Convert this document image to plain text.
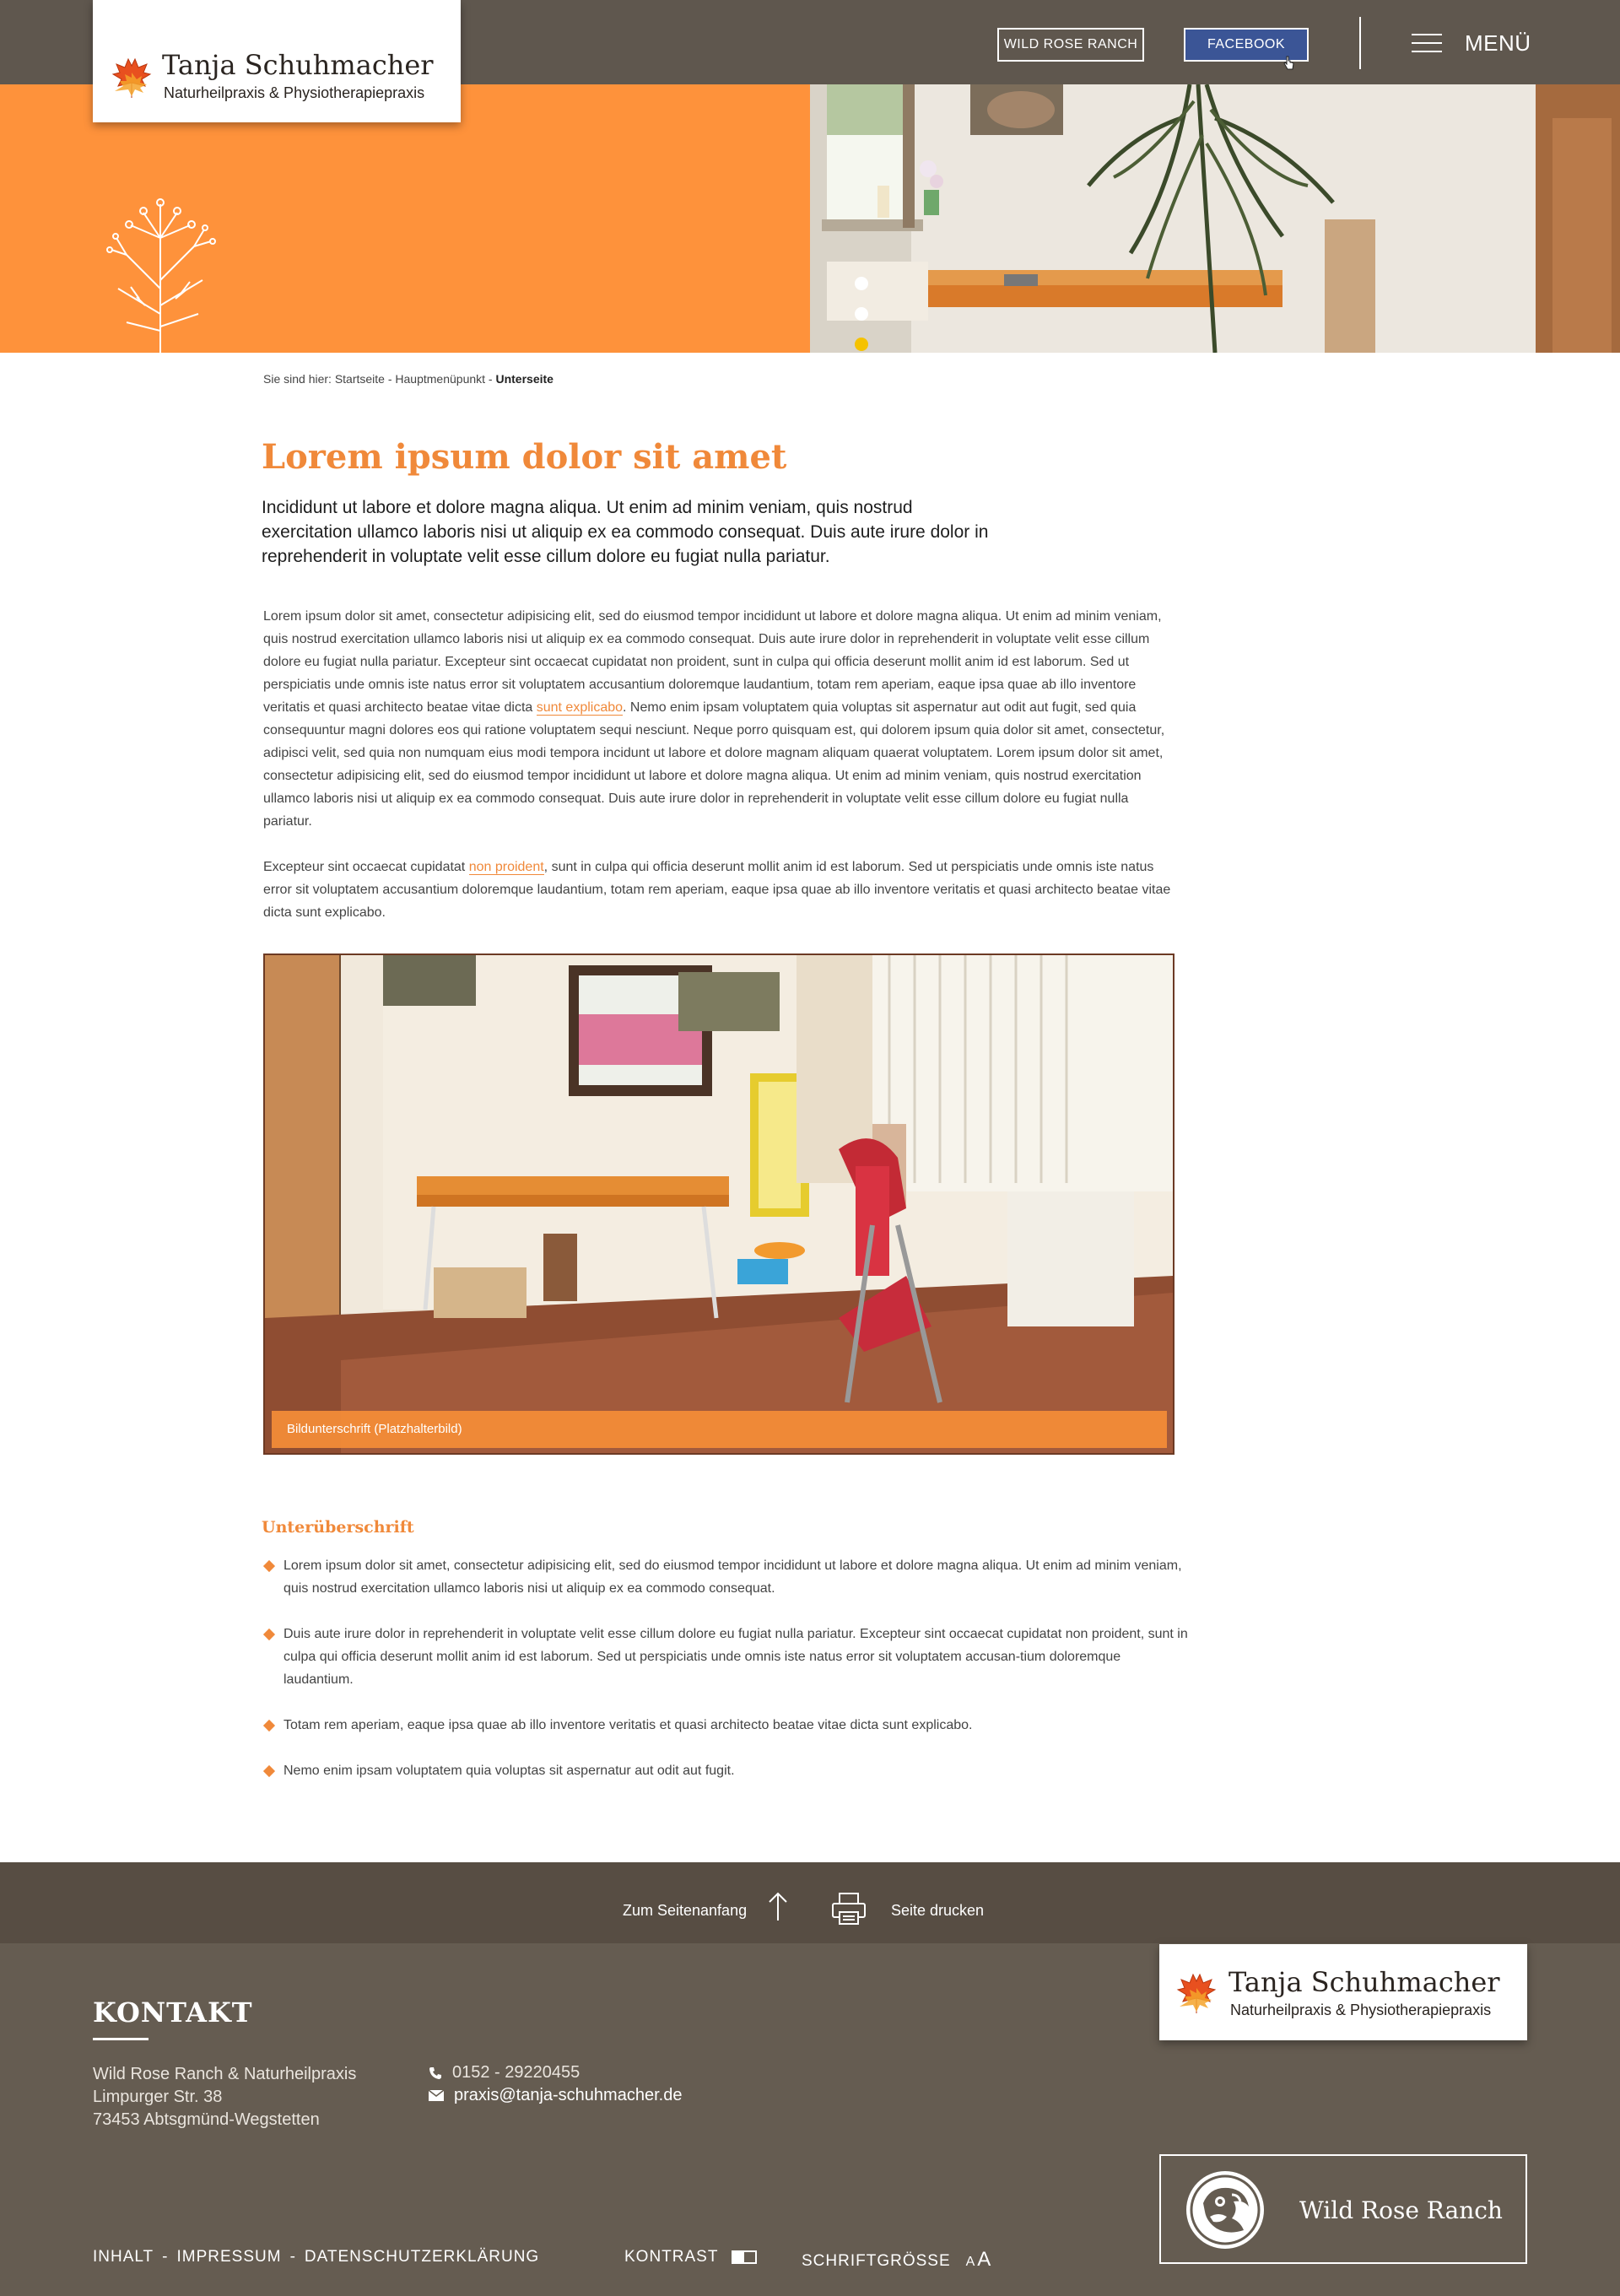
Tanja Schuhmacher
Naturheilpraxis & Physiotherapiepraxis
WILD ROSE RANCH	FACEBOOK	MENÜ
Sie sind hier: Startseite - Hauptmenüpunkt - Unterseite
Lorem ipsum dolor sit amet

Incididunt ut labore et dolore magna aliqua. Ut enim ad minim veniam, quis nostrud exercitation ullamco laboris nisi ut aliquip ex ea commodo consequat. Duis aute irure dolor in reprehenderit in voluptate velit esse cillum dolore eu fugiat nulla pariatur.

Lorem ipsum dolor sit amet, consectetur adipisicing elit, sed do eiusmod tempor incididunt ut labore et dolore magna aliqua. Ut enim ad minim veniam, quis nostrud exercitation ullamco laboris nisi ut aliquip ex ea commodo consequat. Duis aute irure dolor in reprehenderit in voluptate velit esse cillum dolore eu fugiat nulla pariatur. Excepteur sint occaecat cupidatat non proident, sunt in culpa qui officia deserunt mollit anim id est laborum. Sed ut perspiciatis unde omnis iste natus error sit voluptatem accusantium doloremque laudantium, totam rem aperiam, eaque ipsa quae ab illo inventore veritatis et quasi architecto beatae vitae dicta sunt explicabo. Nemo enim ipsam voluptatem quia voluptas sit aspernatur aut odit aut fugit, sed quia consequuntur magni dolores eos qui ratione voluptatem sequi nesciunt. Neque porro quisquam est, qui dolorem ipsum quia dolor sit amet, consectetur, adipisci velit, sed quia non numquam eius modi tempora incidunt ut labore et dolore magnam aliquam quaerat voluptatem. Lorem ipsum dolor sit amet, consectetur adipisicing elit, sed do eiusmod tempor incididunt ut labore et dolore magna aliqua. Ut enim ad minim veniam, quis nostrud exercitation ullamco laboris nisi ut aliquip ex ea commodo consequat. Duis aute irure dolor in reprehenderit in voluptate velit esse cillum dolore eu fugiat nulla pariatur.

Excepteur sint occaecat cupidatat non proident, sunt in culpa qui officia deserunt mollit anim id est laborum. Sed ut perspiciatis unde omnis iste natus error sit voluptatem accusantium doloremque laudantium, totam rem aperiam, eaque ipsa quae ab illo inventore veritatis et quasi architecto beatae vitae dicta sunt explicabo.

Bildunterschrift (Platzhalterbild)
Unterüberschrift
Lorem ipsum dolor sit amet, consectetur adipisicing elit, sed do eiusmod tempor incididunt ut labore et dolore magna aliqua. Ut enim ad minim veniam, quis nostrud exercitation ullamco laboris nisi ut aliquip ex ea commodo consequat.
Duis aute irure dolor in reprehenderit in voluptate velit esse cillum dolore eu fugiat nulla pariatur. Excepteur sint occaecat cupidatat non proident, sunt in culpa qui officia deserunt mollit anim id est laborum. Sed ut perspiciatis unde omnis iste natus error sit voluptatem accusan-tium doloremque laudantium.
Totam rem aperiam, eaque ipsa quae ab illo inventore veritatis et quasi architecto beatae vitae dicta sunt explicabo.
Nemo enim ipsam voluptatem quia voluptas sit aspernatur aut odit aut fugit.
Zum Seitenanfang	Seite drucken
KONTAKT
Wild Rose Ranch & Naturheilpraxis
Limpurger Str. 38
73453 Abtsgmünd-Wegstetten
0152 - 29220455
praxis@tanja-schuhmacher.de
Tanja Schuhmacher
Naturheilpraxis & Physiotherapiepraxis
Wild Rose Ranch
INHALT - IMPRESSUM - DATENSCHUTZERKLÄRUNG	KONTRAST	SCHRIFTGRÖSSE A A
